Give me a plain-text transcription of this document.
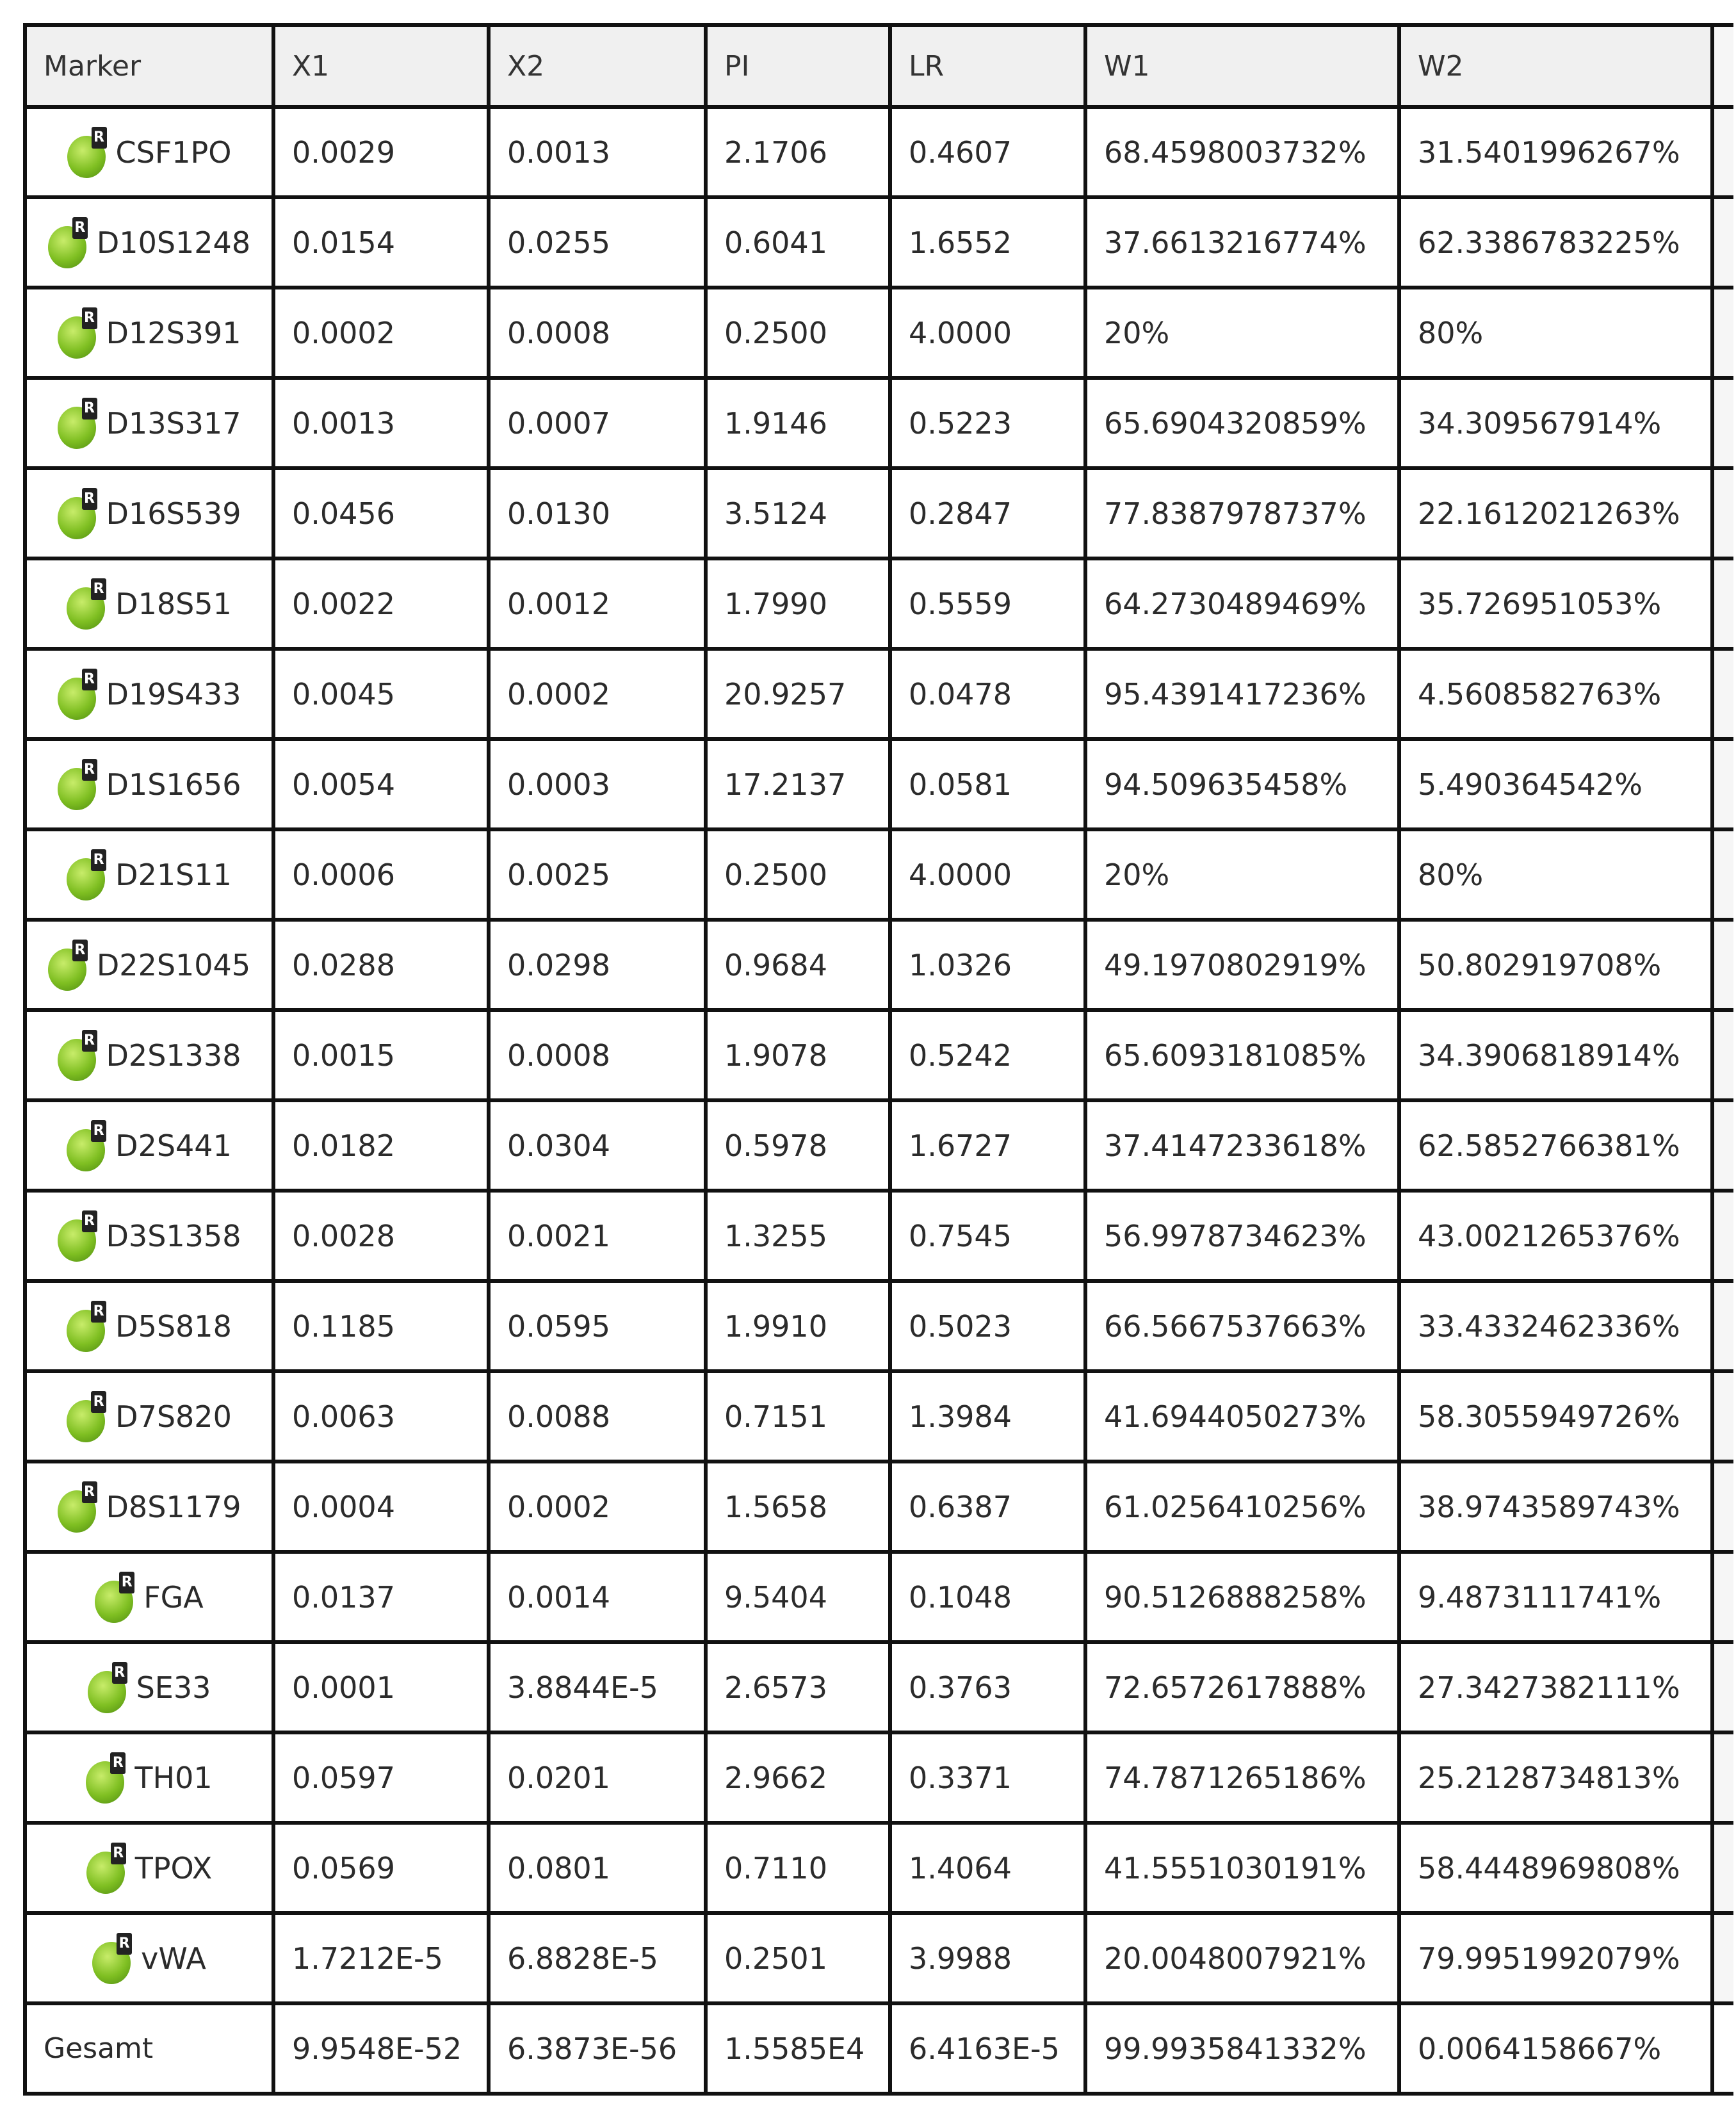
Marker	X1	X2	PI	LR	W1	W2	

R CSF1PO	0.0029	0.0013	2.1706	0.4607	68.4598003732%	31.5401996267%	

R D10S1248	0.0154	0.0255	0.6041	1.6552	37.6613216774%	62.3386783225%	

R D12S391	0.0002	0.0008	0.2500	4.0000	20%	80%	

R D13S317	0.0013	0.0007	1.9146	0.5223	65.6904320859%	34.309567914%	

R D16S539	0.0456	0.0130	3.5124	0.2847	77.8387978737%	22.1612021263%	

R D18S51	0.0022	0.0012	1.7990	0.5559	64.2730489469%	35.726951053%	

R D19S433	0.0045	0.0002	20.9257	0.0478	95.4391417236%	4.5608582763%	

R D1S1656	0.0054	0.0003	17.2137	0.0581	94.509635458%	5.490364542%	

R D21S11	0.0006	0.0025	0.2500	4.0000	20%	80%	

R D22S1045	0.0288	0.0298	0.9684	1.0326	49.1970802919%	50.802919708%	

R D2S1338	0.0015	0.0008	1.9078	0.5242	65.6093181085%	34.3906818914%	

R D2S441	0.0182	0.0304	0.5978	1.6727	37.4147233618%	62.5852766381%	

R D3S1358	0.0028	0.0021	1.3255	0.7545	56.9978734623%	43.0021265376%	

R D5S818	0.1185	0.0595	1.9910	0.5023	66.5667537663%	33.4332462336%	

R D7S820	0.0063	0.0088	0.7151	1.3984	41.6944050273%	58.3055949726%	

R D8S1179	0.0004	0.0002	1.5658	0.6387	61.0256410256%	38.9743589743%	

R FGA	0.0137	0.0014	9.5404	0.1048	90.5126888258%	9.4873111741%	

R SE33	0.0001	3.8844E-5	2.6573	0.3763	72.6572617888%	27.3427382111%	

R TH01	0.0597	0.0201	2.9662	0.3371	74.7871265186%	25.2128734813%	

R TPOX	0.0569	0.0801	0.7110	1.4064	41.5551030191%	58.4448969808%	

R vWA	1.7212E-5	6.8828E-5	0.2501	3.9988	20.0048007921%	79.9951992079%	
Gesamt	9.9548E-52	6.3873E-56	1.5585E4	6.4163E-5	99.9935841332%	0.0064158667%	
